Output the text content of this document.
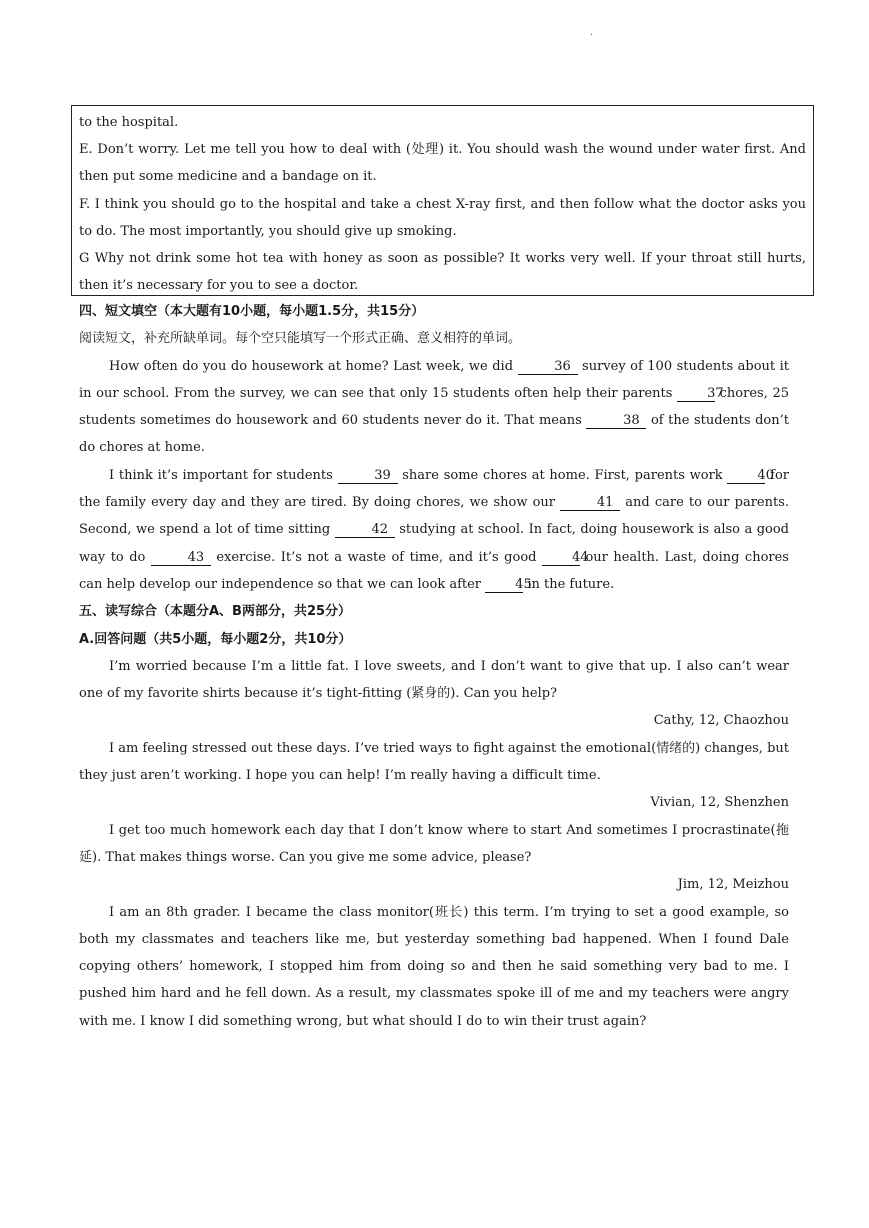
·

to the hospital.

E. Don’t worry. Let me tell you how to deal with (处理) it. You should wash the wound under water first. And then put some medicine and a bandage on it.

F. I think you should go to the hospital and take a chest X-ray first, and then follow what the doctor asks you to do. The most importantly, you should give up smoking.

G Why not drink some hot tea with honey as soon as possible? It works very well. If your throat still hurts, then it’s necessary for you to see a doctor.

四、短文填空（本大题有10小题，每小题1.5分，共15分）

阅读短文，补充所缺单词。每个空只能填写一个形式正确、意义相符的单词。

How often do you do housework at home? Last week, we did	36 survey of 100 students about it in our school. From the survey, we can see that only 15 students often help their parents	37 chores, 25 students sometimes do housework and 60 students never do it. That means	38 of the students don’t do chores at home.

I think it’s important for students	39 share some chores at home. First, parents work	40 for the family every day and they are tired. By doing chores, we show our	41 and care to our parents. Second, we spend a lot of time sitting	42 studying at school. In fact, doing housework is also a good way to do	43 exercise. It’s not a waste of time, and it’s good	44 our health. Last, doing chores can help develop our independence so that we can look after	45 in the future.

五、读写综合（本题分A、B两部分，共25分）

A.回答问题（共5小题，每小题2分，共10分）

I’m worried because I’m a little fat. I love sweets, and I don’t want to give that up. I also can’t wear one of my favorite shirts because it’s tight-fitting (紧身的). Can you help?

Cathy, 12, Chaozhou

I am feeling stressed out these days. I’ve tried ways to fight against the emotional(情绪的) changes, but they just aren’t working. I hope you can help! I’m really having a difficult time.

Vivian, 12, Shenzhen

I get too much homework each day that I don’t know where to start And sometimes I procrastinate(拖延). That makes things worse. Can you give me some advice, please?

Jim, 12, Meizhou

I am an 8th grader. I became the class monitor(班长) this term. I’m trying to set a good example, so both my classmates and teachers like me, but yesterday something bad happened. When I found Dale copying others’ homework, I stopped him from doing so and then he said something very bad to me. I pushed him hard and he fell down. As a result, my classmates spoke ill of me and my teachers were angry with me. I know I did something wrong, but what should I do to win their trust again?
